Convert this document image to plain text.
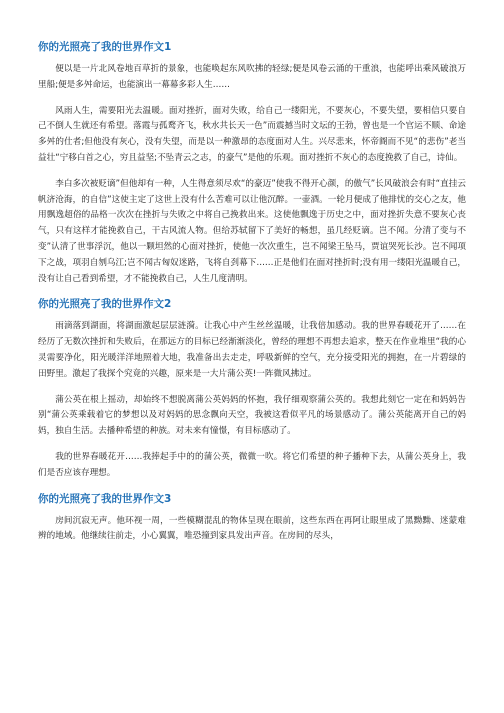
你的光照亮了我的世界作文1

便以是一片北风卷地百草折的景象，也能唤起东风吹拂的轻绿;便是风卷云涌的干重浪，也能呼出乘风破浪万里船;便是多舛命运，也能演出一幕幕多彩人生……

风雨人生，需要阳光去温暖。面对挫折，面对失败，给自己一缕阳光，不要灰心，不要失望，要相信只要自己不倒人生就还有希望。落霞与孤鹜齐飞，秋水共长天一色”而震撼当时文坛的王勃，曾也是一个官运不顺、命途多舛的仕者;但他没有灰心，没有失望，而是以一种激昂的态度面对人生。兴尽悲来，怀帝阍而不见“的悲伤”老当益壮“宁移白首之心，穷且益坚;不坠青云之志，的豪气”是他的乐观。面对挫折不灰心的态度挽救了自己，诗仙。

李白多次被贬谪”但他却有一种，人生得意须尽欢“的豪迈”使我不得开心颜，的傲气”长风破浪会有时“直挂云帆济沧海，的自信”这使主定了这世上没有什么苦难可以让他沉醉。一壶酒。一轮月便成了他排忧的交心之友，他用飘逸超俗的品格一次次在挫折与失败之中将自己挽救出来。这使他飘逸于历史之中，面对挫折失意不要灰心丧气，只有这样才能挽救自己，干古风流人物。但给苏轼留下了美好的畅想，虽几经贬谪。岂不闻。分清了变与不变”认清了世事浮沉，他以一颗坦然的心面对挫折，使他一次次重生，岂不闻梁王坠马，贾谊哭死长沙。岂不闻项下之战，项羽自刎乌江;岂不闻古匈奴迷路，飞将自刭幕下……正是他们在面对挫折时;没有用一缕阳光温暖自己，没有让自己看到希望，才不能挽救自己，人生几度清明。

你的光照亮了我的世界作文2

雨滴落到湖面，将湖面激起层层涟漪。让我心中产生丝丝温暖，让我倍加感动。我的世界春暖花开了……在经历了无数次挫折和失败后，在那远方的目标已经渐渐淡化，曾经的理想不再想去追求，整天在作业堆里“我的心灵需要净化，阳光暖洋洋地照着大地，我准备出去走走，呼吸新鲜的空气，充分接受阳光的拥抱，在一片碧绿的田野里。激起了我探个究竟的兴趣，原来是一大片蒲公英!一阵微风拂过。

蒲公英在根上摇动，却始终不想脱离蒲公英妈妈的怀抱，我仔细观察蒲公英的。我想此刻它一定在和妈妈告别“蒲公英乘载着它的梦想以及对妈妈的思念飘向天空，我被这看似平凡的场景感动了。蒲公英能离开自己的妈妈，独自生活。去播种希望的种族。对未来有憧憬，有目标感动了。

我的世界春暖花开……我捧起手中的的蒲公英，微微一吹。将它们希望的种子播种下去，从蒲公英身上，我们是否应该存理想。

你的光照亮了我的世界作文3

房间沉寂无声。他环视一周，一些模糊混乱的物体呈现在眼前，这些东西在再阿让眼里成了黑黝黝、迷蒙难辨的地域。他继续往前走，小心翼翼，唯恐撞到家具发出声音。在房间的尽头，
